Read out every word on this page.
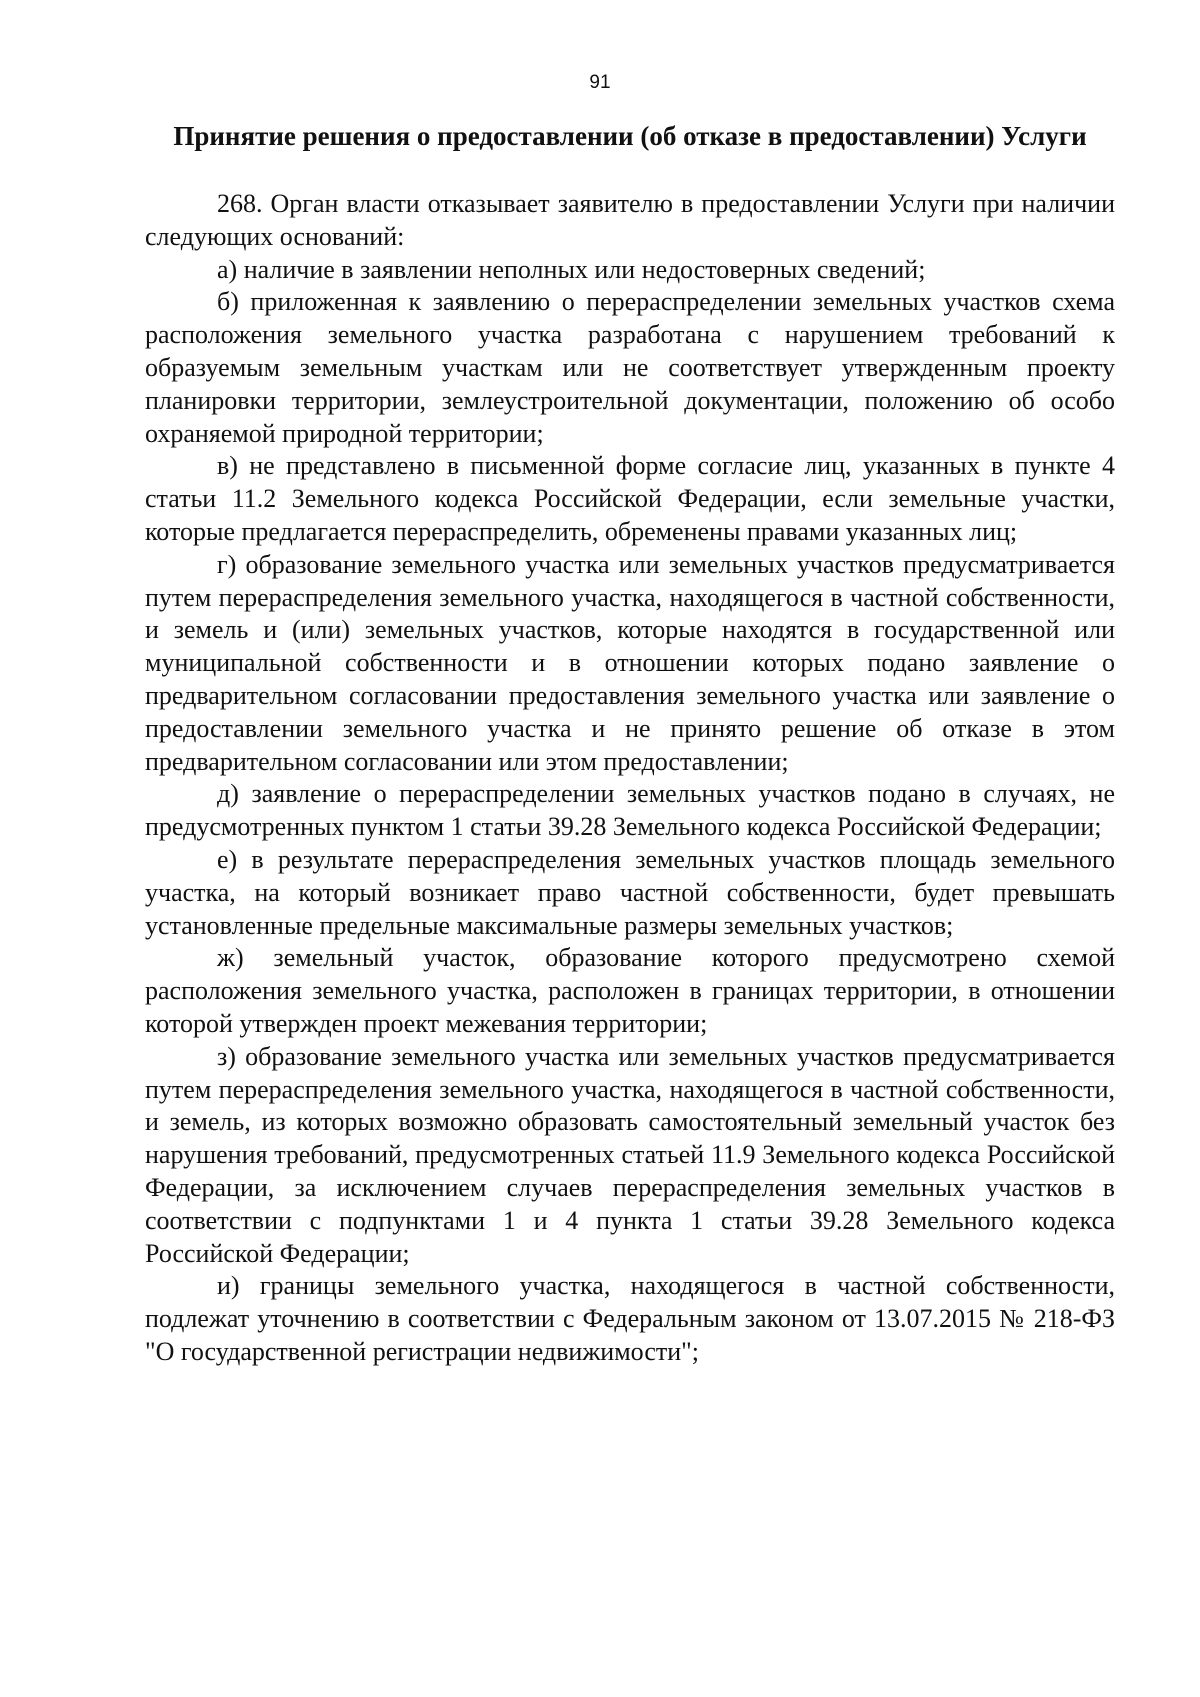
91
Принятие решения о предоставлении (об отказе в предоставлении) Услуги

268. Орган власти отказывает заявителю в предоставлении Услуги при наличии следующих оснований:

а) наличие в заявлении неполных или недостоверных сведений;

б) приложенная к заявлению о перераспределении земельных участков схема расположения земельного участка разработана с нарушением требований к образуемым земельным участкам или не соответствует утвержденным проекту планировки территории, землеустроительной документации, положению об особо охраняемой природной территории;

в) не представлено в письменной форме согласие лиц, указанных в пункте 4 статьи 11.2 Земельного кодекса Российской Федерации, если земельные участки, которые предлагается перераспределить, обременены правами указанных лиц;

г) образование земельного участка или земельных участков предусматривается путем перераспределения земельного участка, находящегося в частной собственности, и земель и (или) земельных участков, которые находятся в государственной или муниципальной собственности и в отношении которых подано заявление о предварительном согласовании предоставления земельного участка или заявление о предоставлении земельного участка и не принято решение об отказе в этом предварительном согласовании или этом предоставлении;

д) заявление о перераспределении земельных участков подано в случаях, не предусмотренных пунктом 1 статьи 39.28 Земельного кодекса Российской Федерации;

е) в результате перераспределения земельных участков площадь земельного участка, на который возникает право частной собственности, будет превышать установленные предельные максимальные размеры земельных участков;

ж) земельный участок, образование которого предусмотрено схемой расположения земельного участка, расположен в границах территории, в отношении которой утвержден проект межевания территории;

з) образование земельного участка или земельных участков предусматривается путем перераспределения земельного участка, находящегося в частной собственности, и земель, из которых возможно образовать самостоятельный земельный участок без нарушения требований, предусмотренных статьей 11.9 Земельного кодекса Российской Федерации, за исключением случаев перераспределения земельных участков в соответствии с подпунктами 1 и 4 пункта 1 статьи 39.28 Земельного кодекса Российской Федерации;

и) границы земельного участка, находящегося в частной собственности, подлежат уточнению в соответствии с Федеральным законом от 13.07.2015 № 218-ФЗ "О государственной регистрации недвижимости";
